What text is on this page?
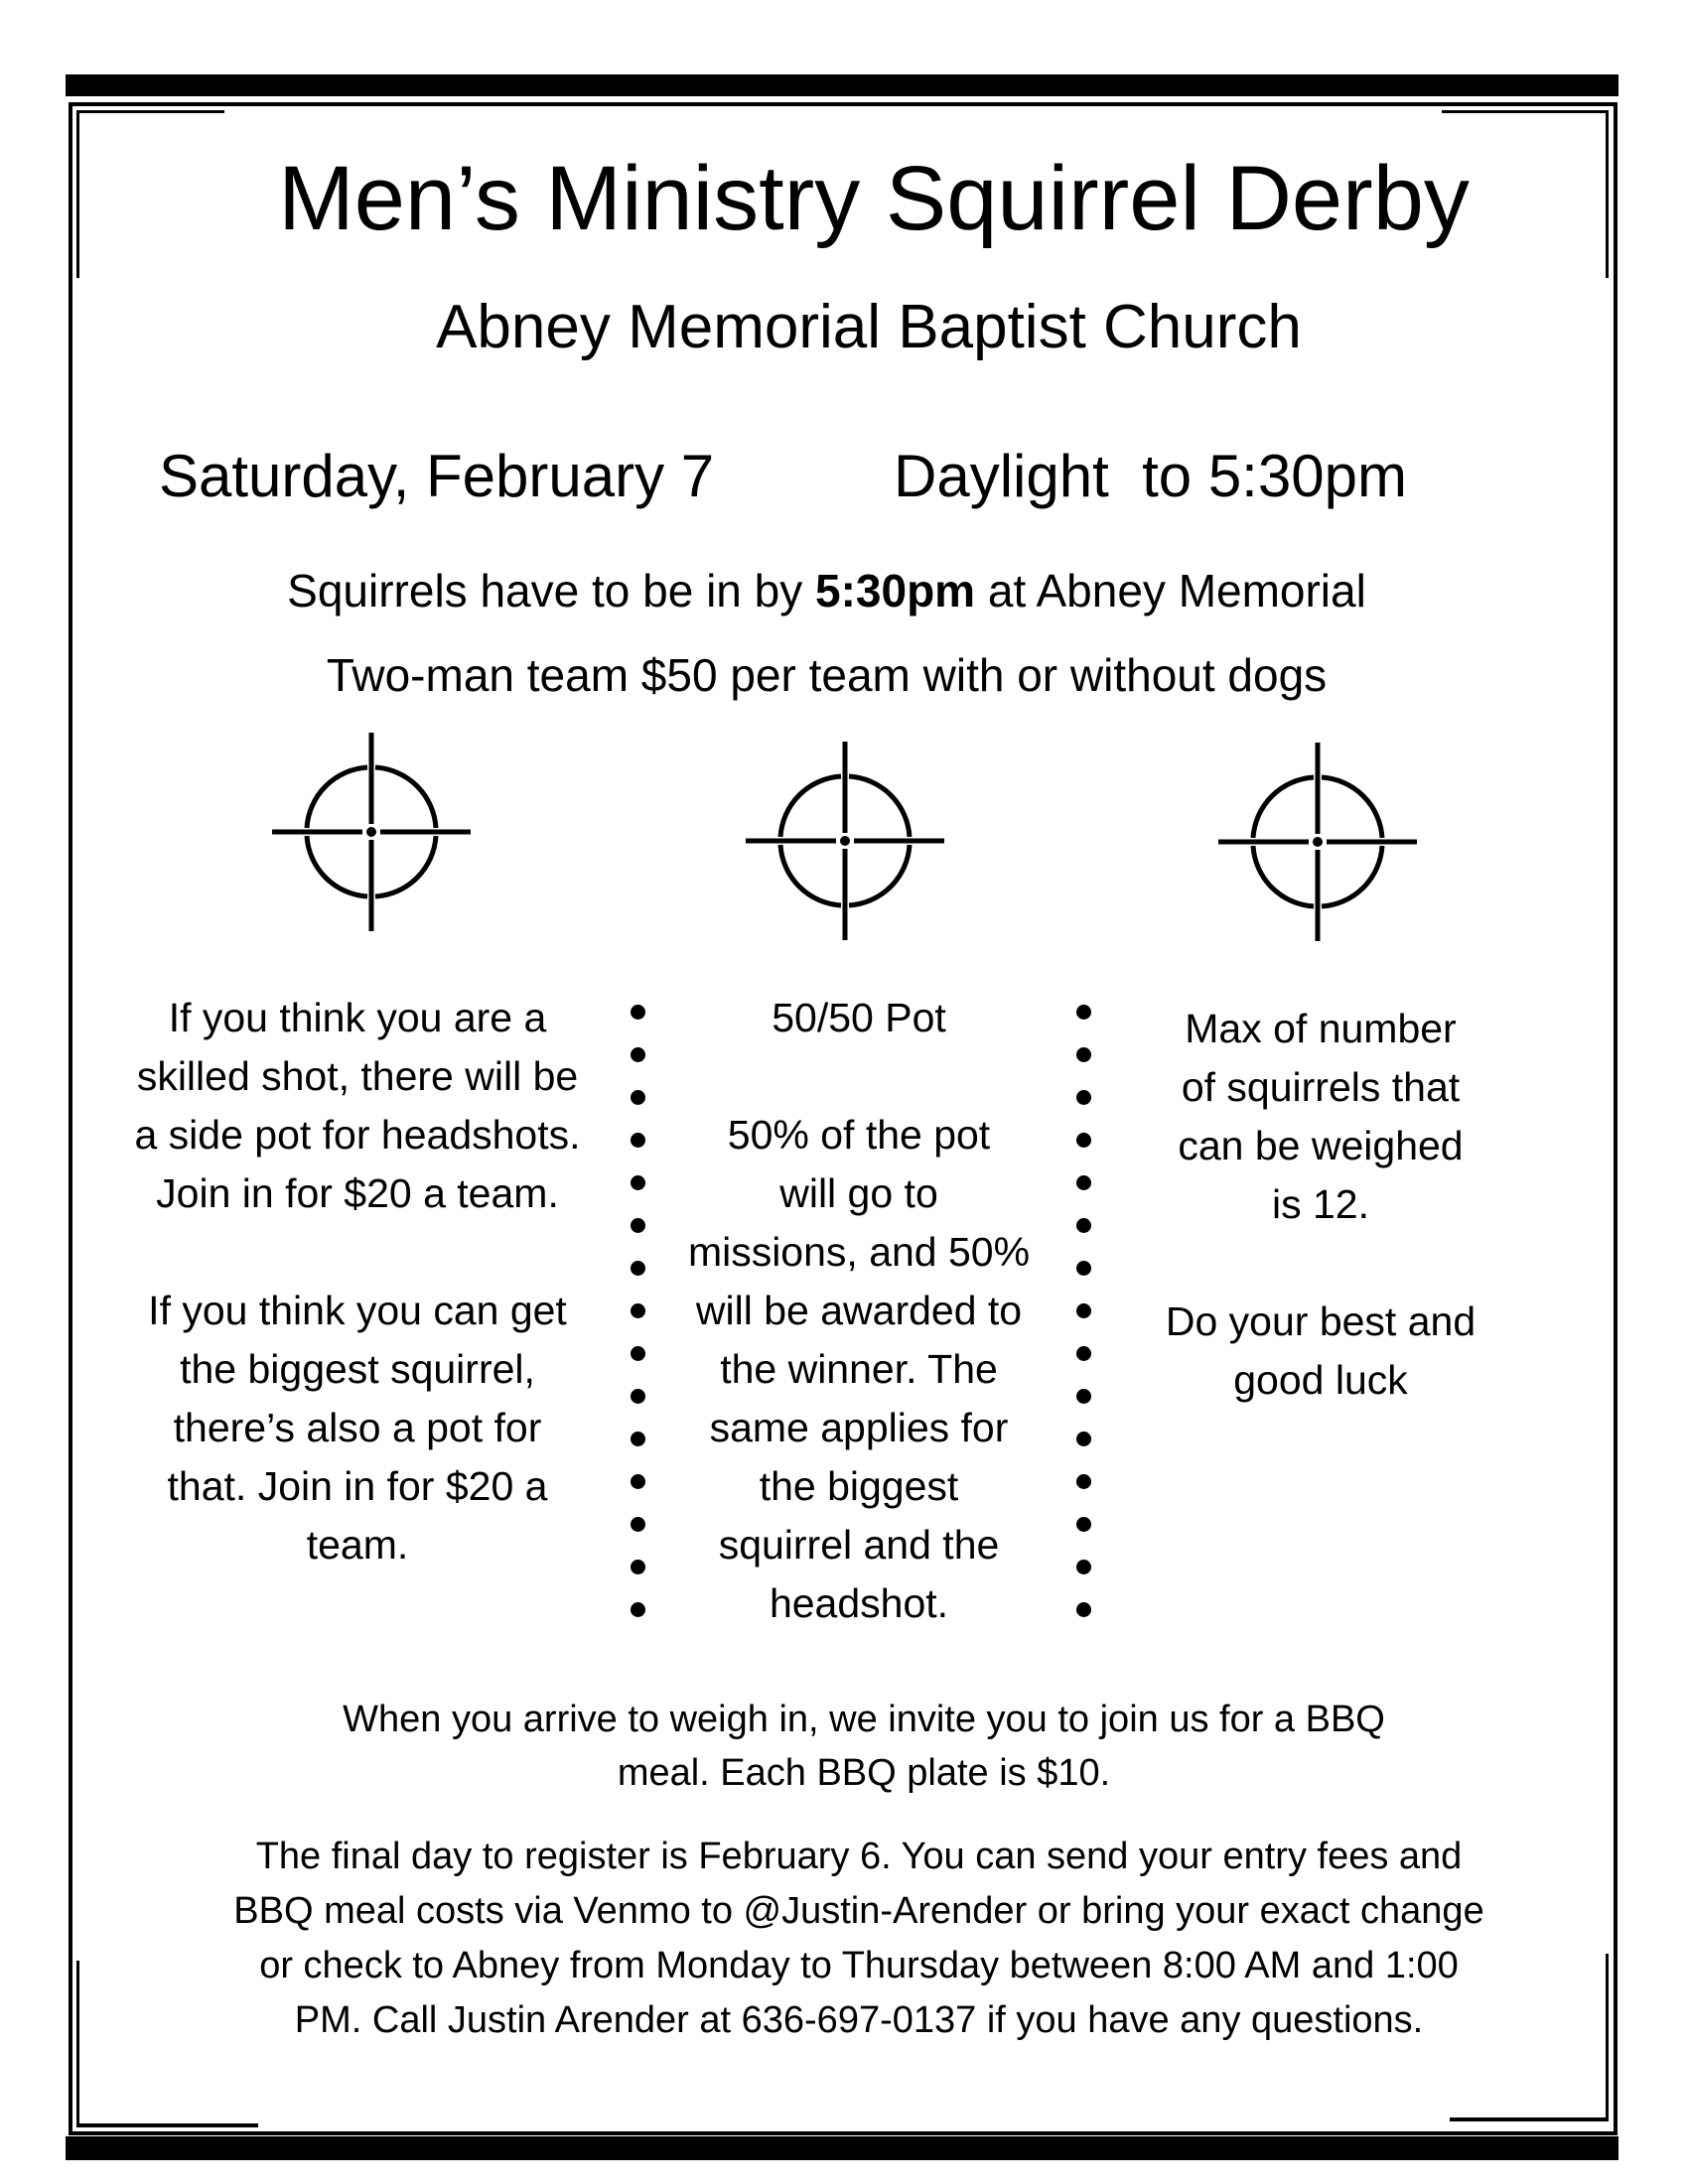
Men’s Ministry Squirrel Derby
Abney Memorial Baptist Church
Saturday, February 7	Daylight  to 5:30pm
Squirrels have to be in by 5:30pm at Abney Memorial
Two-man team $50 per team with or without dogs
If you think you are a
skilled shot, there will be
a side pot for headshots.
Join in for $20 a team.
If you think you can get
the biggest squirrel,
there’s also a pot for
that. Join in for $20 a
team.
50/50 Pot
50% of the pot
will go to
missions, and 50%
will be awarded to
the winner. The
same applies for
the biggest
squirrel and the
headshot.
Max of number
of squirrels that
can be weighed
is 12.
Do your best and
good luck
When you arrive to weigh in, we invite you to join us for a BBQ
meal. Each BBQ plate is $10.
The final day to register is February 6. You can send your entry fees and
BBQ meal costs via Venmo to @Justin-Arender or bring your exact change
or check to Abney from Monday to Thursday between 8:00 AM and 1:00
PM. Call Justin Arender at 636-697-0137 if you have any questions.
